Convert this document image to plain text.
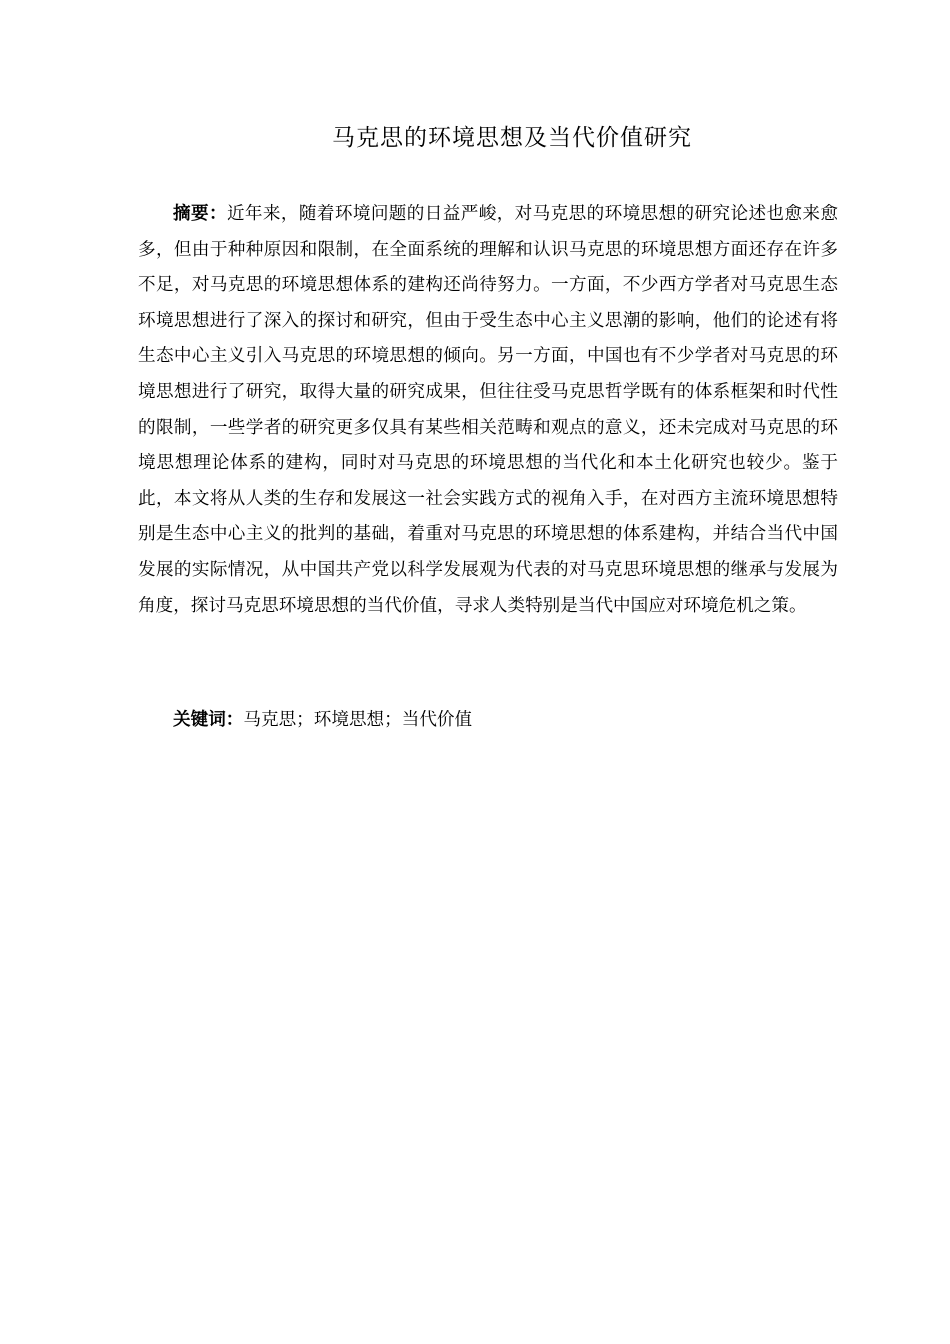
马克思的环境思想及当代价值研究

摘要：近年来，随着环境问题的日益严峻，对马克思的环境思想的研究论述也愈来愈多，但由于种种原因和限制，在全面系统的理解和认识马克思的环境思想方面还存在许多不足，对马克思的环境思想体系的建构还尚待努力。一方面，不少西方学者对马克思生态环境思想进行了深入的探讨和研究，但由于受生态中心主义思潮的影响，他们的论述有将生态中心主义引入马克思的环境思想的倾向。另一方面，中国也有不少学者对马克思的环境思想进行了研究，取得大量的研究成果，但往往受马克思哲学既有的体系框架和时代性的限制，一些学者的研究更多仅具有某些相关范畴和观点的意义，还未完成对马克思的环境思想理论体系的建构，同时对马克思的环境思想的当代化和本土化研究也较少。鉴于此，本文将从人类的生存和发展这一社会实践方式的视角入手，在对西方主流环境思想特别是生态中心主义的批判的基础，着重对马克思的环境思想的体系建构，并结合当代中国发展的实际情况，从中国共产党以科学发展观为代表的对马克思环境思想的继承与发展为角度，探讨马克思环境思想的当代价值，寻求人类特别是当代中国应对环境危机之策。

关键词：马克思；环境思想；当代价值
